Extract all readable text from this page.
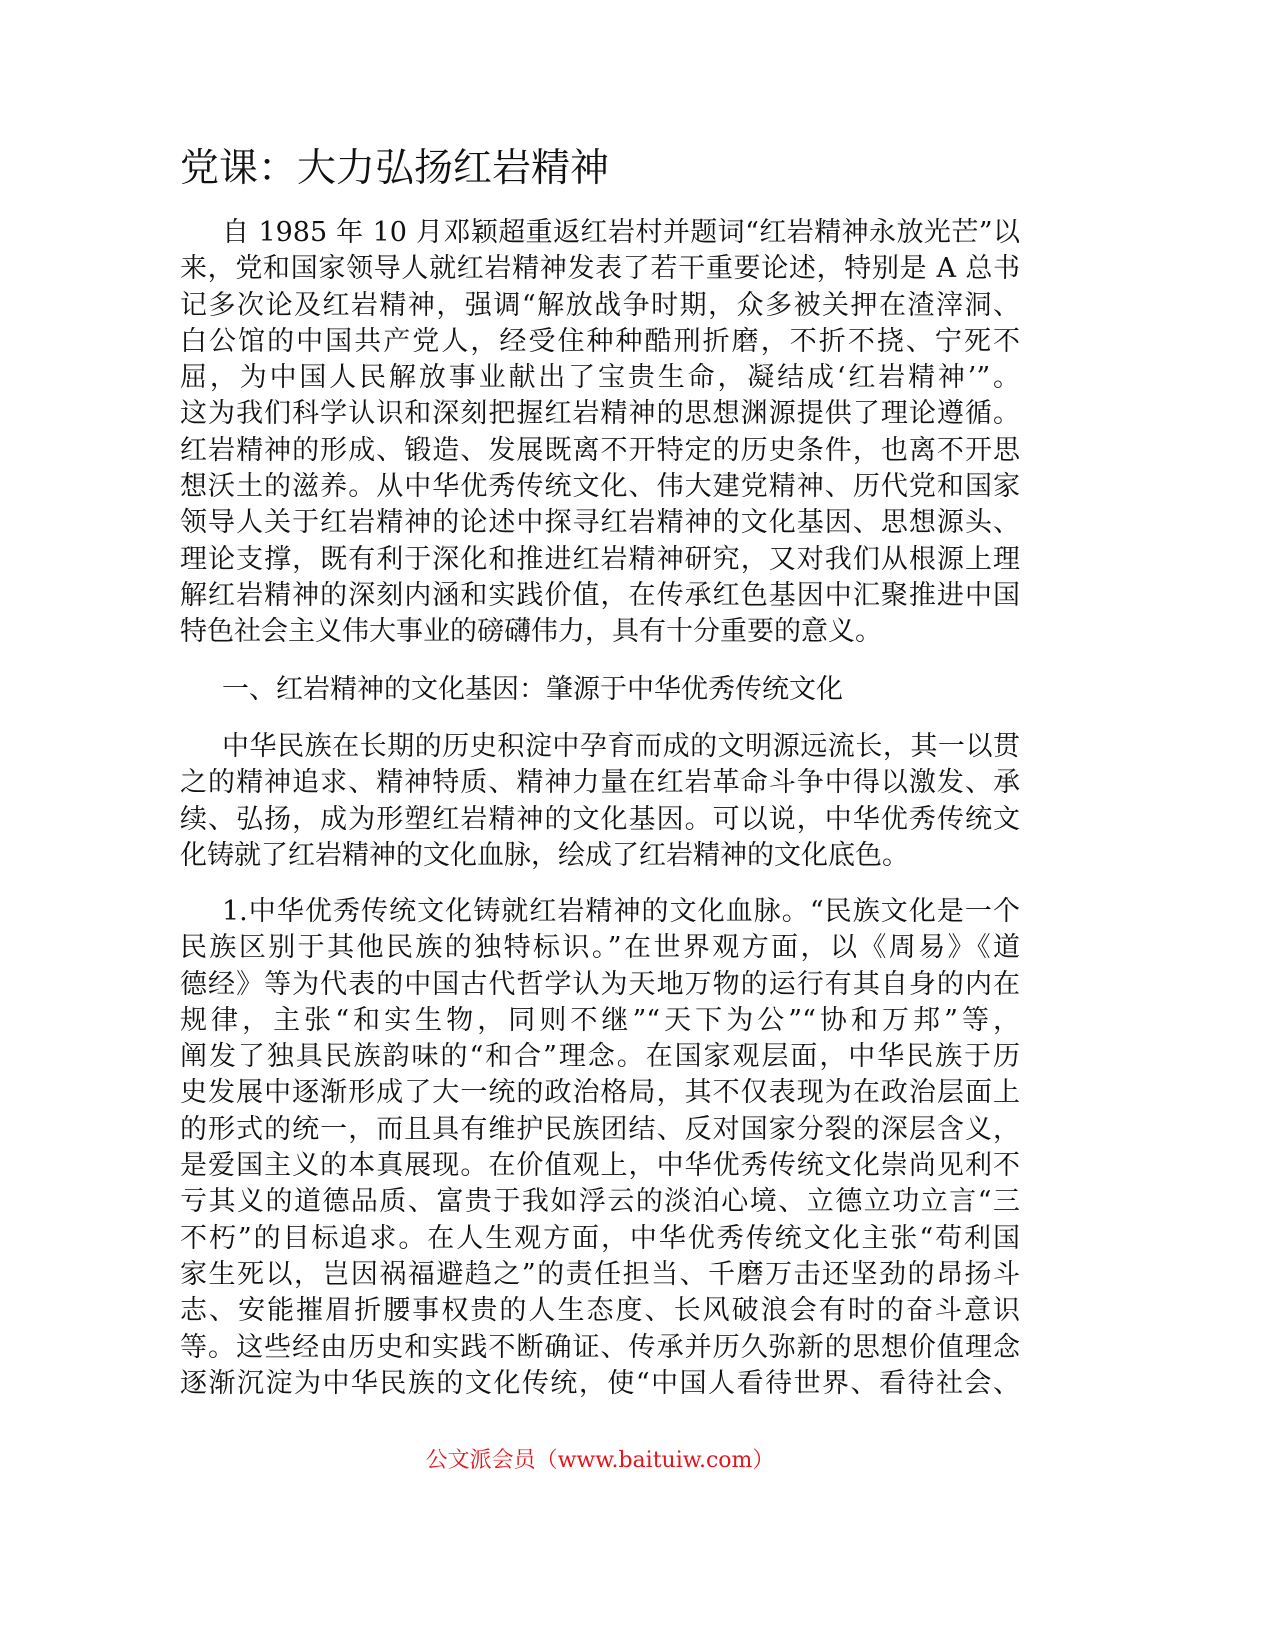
党课：大力弘扬红岩精神
自 1985 年 10 月邓颖超重返红岩村并题词“红岩精神永放光芒”以
来，党和国家领导人就红岩精神发表了若干重要论述，特别是 A 总书
记多次论及红岩精神，强调“解放战争时期，众多被关押在渣滓洞、
白公馆的中国共产党人，经受住种种酷刑折磨，不折不挠、宁死不
屈，为中国人民解放事业献出了宝贵生命，凝结成‘红岩精神’”。
这为我们科学认识和深刻把握红岩精神的思想渊源提供了理论遵循。
红岩精神的形成、锻造、发展既离不开特定的历史条件，也离不开思
想沃土的滋养。从中华优秀传统文化、伟大建党精神、历代党和国家
领导人关于红岩精神的论述中探寻红岩精神的文化基因、思想源头、
理论支撑，既有利于深化和推进红岩精神研究，又对我们从根源上理
解红岩精神的深刻内涵和实践价值，在传承红色基因中汇聚推进中国
特色社会主义伟大事业的磅礴伟力，具有十分重要的意义。
一、红岩精神的文化基因：肇源于中华优秀传统文化
中华民族在长期的历史积淀中孕育而成的文明源远流长，其一以贯
之的精神追求、精神特质、精神力量在红岩革命斗争中得以激发、承
续、弘扬，成为形塑红岩精神的文化基因。可以说，中华优秀传统文
化铸就了红岩精神的文化血脉，绘成了红岩精神的文化底色。
1.中华优秀传统文化铸就红岩精神的文化血脉。“民族文化是一个
民族区别于其他民族的独特标识。”在世界观方面，以《周易》《道
德经》等为代表的中国古代哲学认为天地万物的运行有其自身的内在
规律，主张“和实生物，同则不继”“天下为公”“协和万邦”等，
阐发了独具民族韵味的“和合”理念。在国家观层面，中华民族于历
史发展中逐渐形成了大一统的政治格局，其不仅表现为在政治层面上
的形式的统一，而且具有维护民族团结、反对国家分裂的深层含义，
是爱国主义的本真展现。在价值观上，中华优秀传统文化崇尚见利不
亏其义的道德品质、富贵于我如浮云的淡泊心境、立德立功立言“三
不朽”的目标追求。在人生观方面，中华优秀传统文化主张“苟利国
家生死以，岂因祸福避趋之”的责任担当、千磨万击还坚劲的昂扬斗
志、安能摧眉折腰事权贵的人生态度、长风破浪会有时的奋斗意识
等。这些经由历史和实践不断确证、传承并历久弥新的思想价值理念
逐渐沉淀为中华民族的文化传统，使“中国人看待世界、看待社会、
公文派会员（www.baituiw.com）
